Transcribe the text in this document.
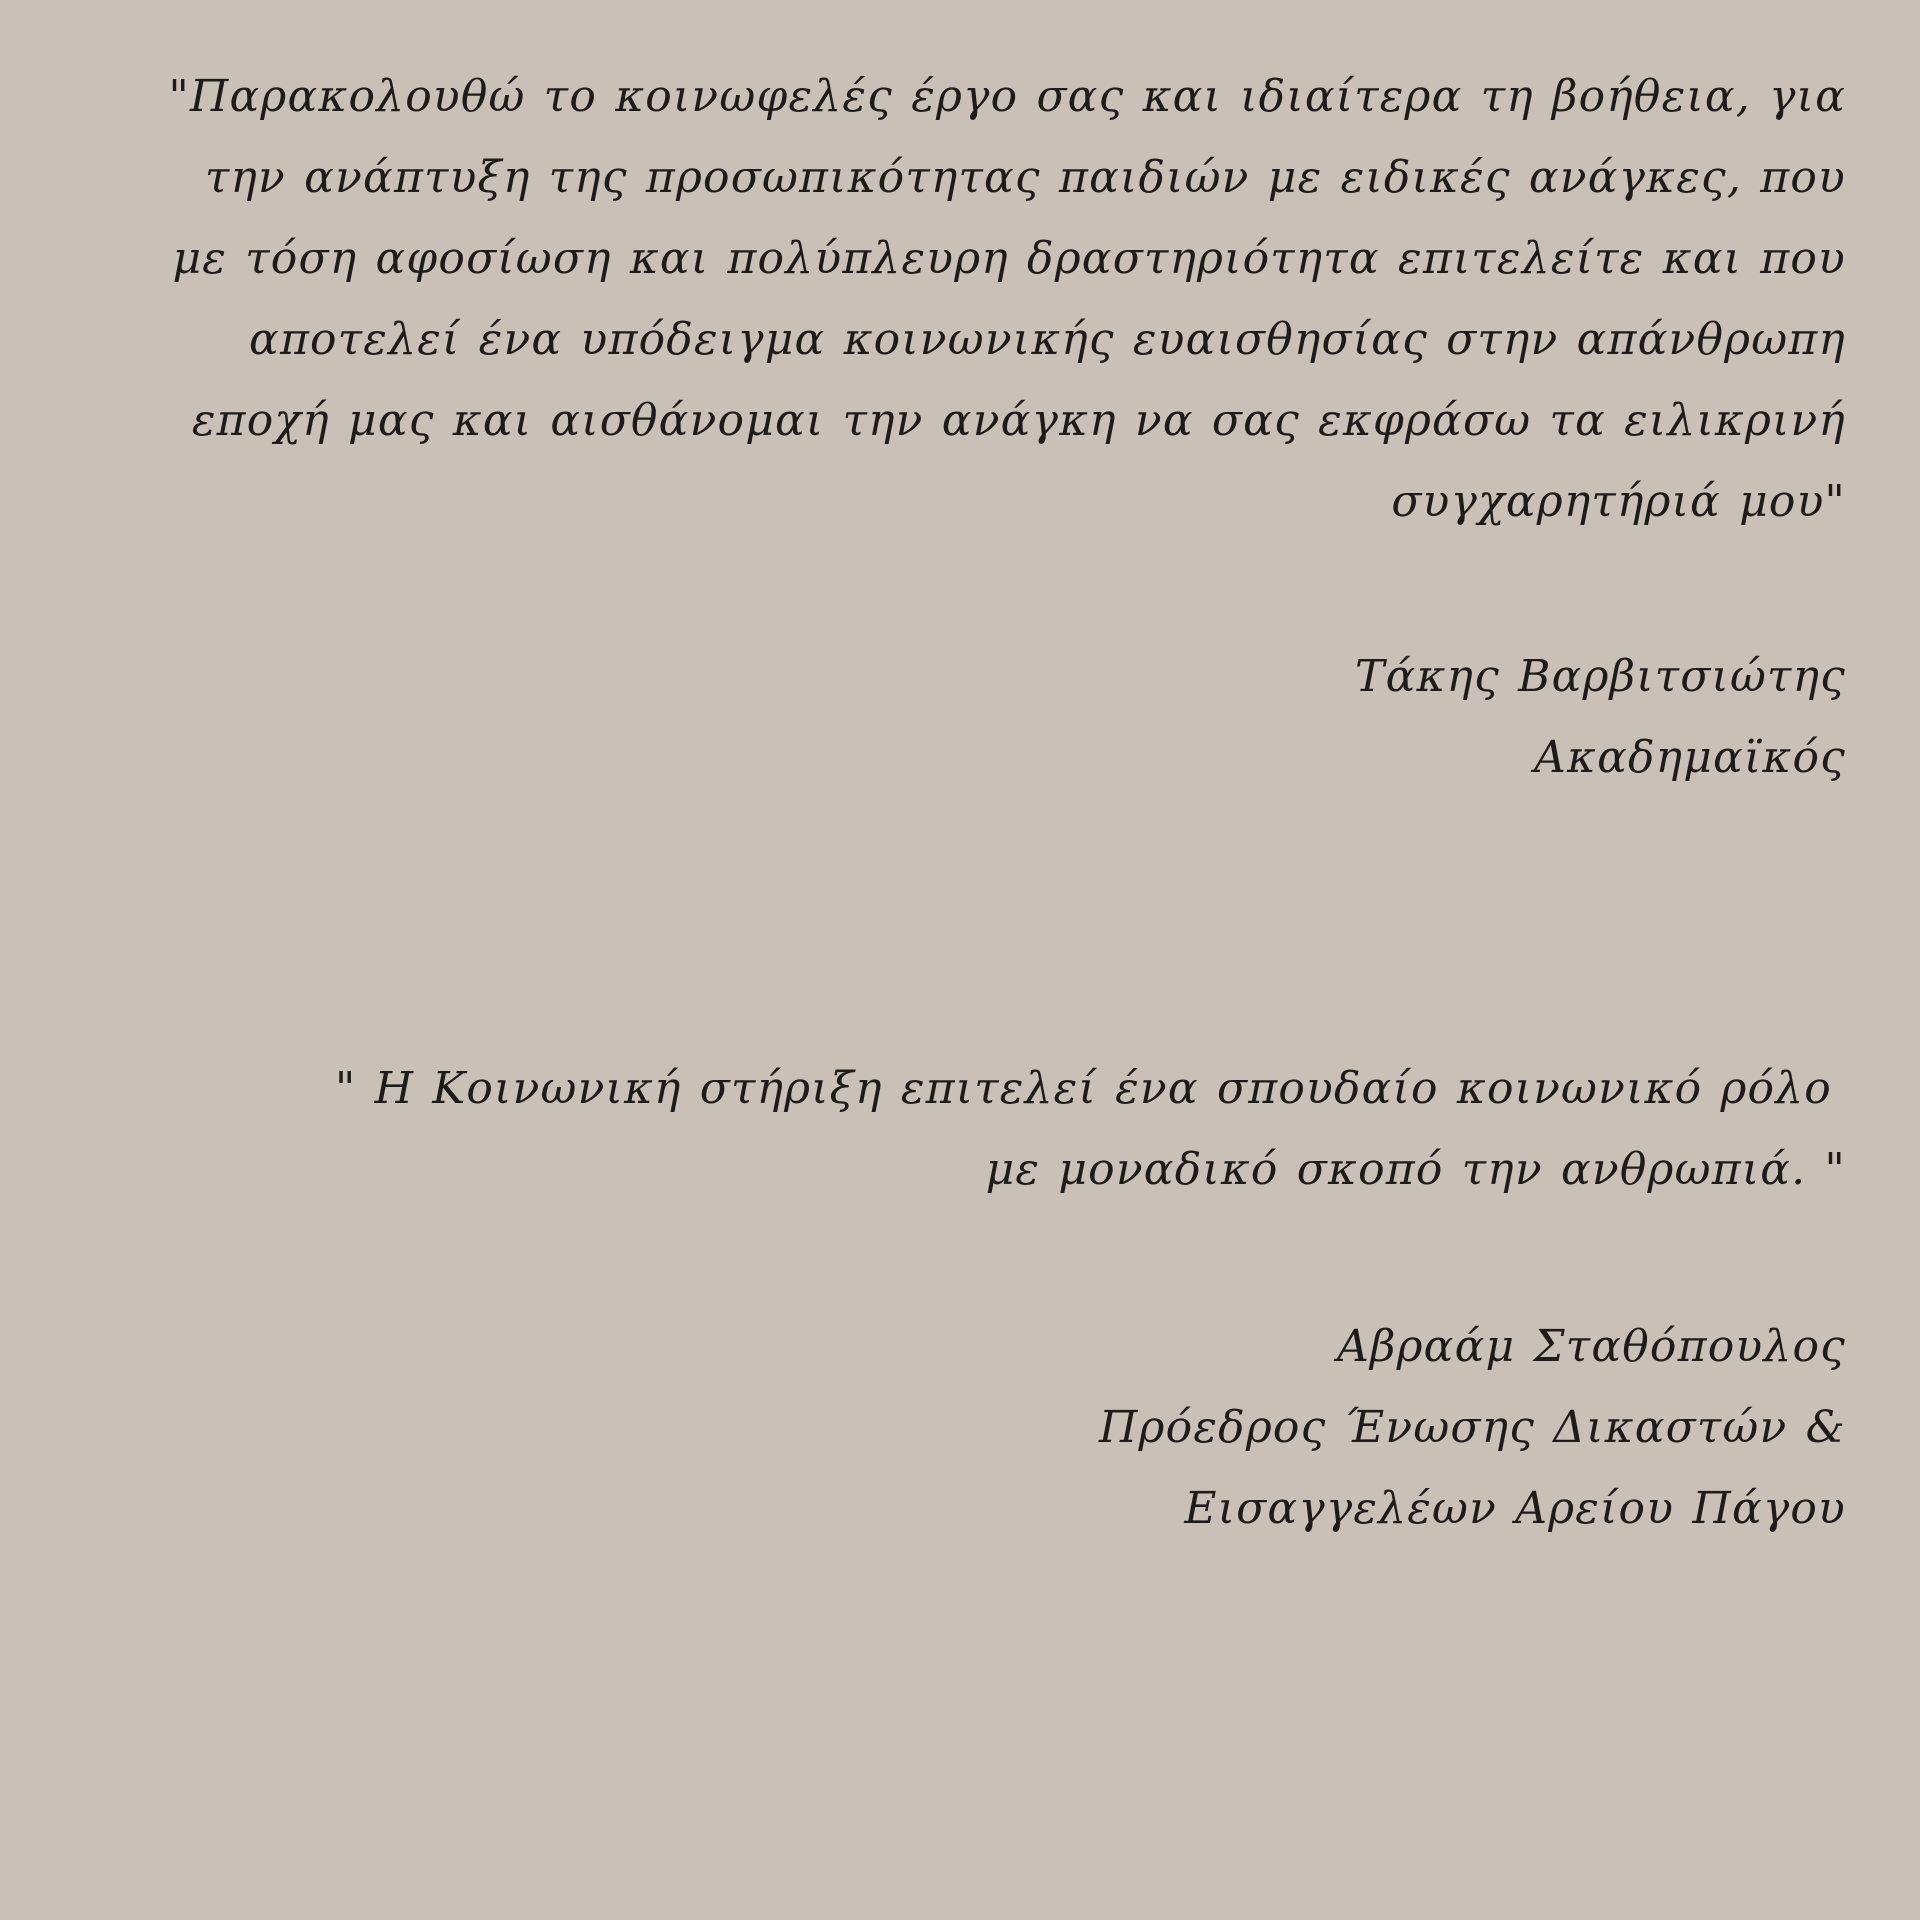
"Παρακολουθώ το κοινωφελές έργο σας και ιδιαίτερα τη βοήθεια, για
την ανάπτυξη της προσωπικότητας παιδιών με ειδικές ανάγκες, που
με τόση αφοσίωση και πολύπλευρη δραστηριότητα επιτελείτε και που
αποτελεί ένα υπόδειγμα κοινωνικής ευαισθησίας στην απάνθρωπη
εποχή μας και αισθάνομαι την ανάγκη να σας εκφράσω τα ειλικρινή
συγχαρητήριά μου"
Τάκης Βαρβιτσιώτης
Ακαδημαϊκός
" Η Κοινωνική στήριξη επιτελεί ένα σπουδαίο κοινωνικό ρόλο
με μοναδικό σκοπό την ανθρωπιά. "
Αβραάμ Σταθόπουλος
Πρόεδρος Ένωσης Δικαστών &
Εισαγγελέων Αρείου Πάγου
